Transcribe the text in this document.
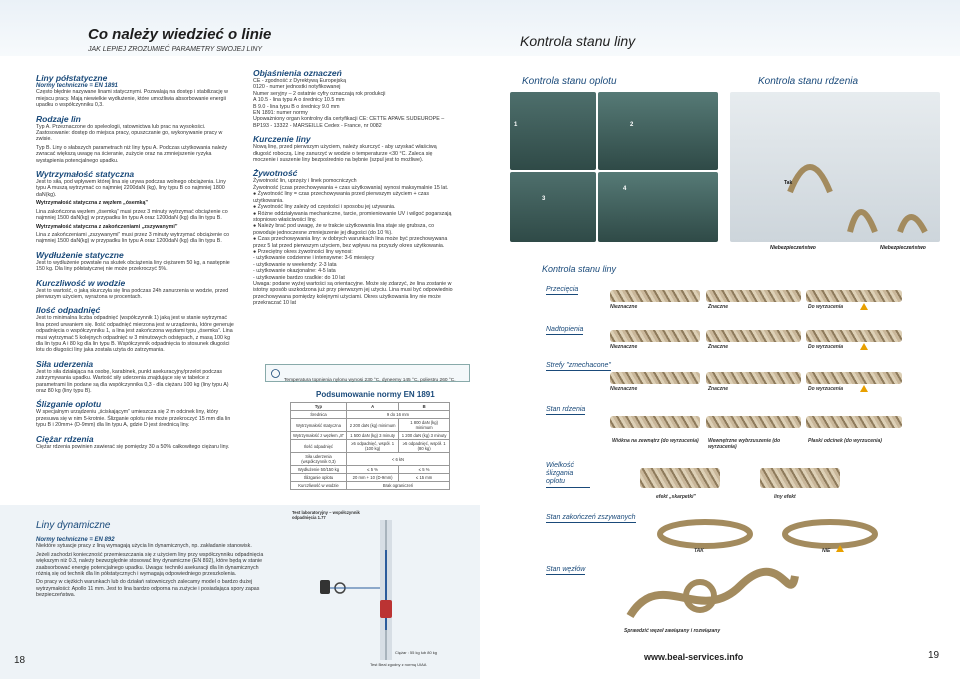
Co należy wiedzieć o linie
JAK LEPIEJ ZROZUMIEĆ PARAMETRY SWOJEJ LINY
Liny półstatyczne
Normy techniczne = EN 1891

Często błędnie nazywane linami statycznymi. Pozwalają na dostęp i stabilizację w miejscu pracy. Mają niewielkie wydłużenie, które umożliwia absorbowanie energii upadku o współczynniku 0,3.

Rodzaje lin

Typ A. Przeznaczone do speleologii, ratownictwa lub prac na wysokości. Zastosowanie: dostęp do miejsca pracy, opuszczanie go, wykonywanie pracy w zwisie.

Typ B. Liny o słabszych parametrach niż liny typu A. Podczas użytkowania należy zwracać większą uwagę na ścieranie, zużycie oraz na zmniejszenie ryzyka wystąpienia potencjalnego upadku.

Wytrzymałość statyczna

Jest to siła, pod wpływem której lina się urywa podczas wolnego obciążenia. Liny typu A muszą wytrzymać co najmniej 2200daN (kg), liny typu B co najmniej 1800 daN(kg).

Wytrzymałość statyczna z węzłem „ósemką”

Lina zakończona węzłem „ósemką” musi przez 3 minuty wytrzymać obciążenie co najmniej 1500 daN(kg) w przypadku lin typu A oraz 1200daN (kg) dla lin typu B.

Wytrzymałość statyczna z zakończeniami „zszywanymi”

Lina z zakończeniami „zszywanymi” musi przez 3 minuty wytrzymać obciążenie co najmniej 1500 daN(kg) w przypadku lin typu A oraz 1200daN (kg) dla lin typu B.

Wydłużenie statyczne

Jest to wydłużenie powstałe na skutek obciążenia liny ciężarem 50 kg, a następnie 150 kg. Dla liny półstatycznej nie może przekroczyć 5%.

Kurczliwość w wodzie

Jest to wartość, o jaką skurczyła się lina podczas 24h zanurzenia w wodzie, przed pierwszym użyciem, wyrażona w procentach.

Ilość odpadnięć

Jest to minimalna liczba odpadnięć (współczynnik 1) jaką jest w stanie wytrzymać lina przed urwaniem się. Ilość odpadnięć mierzona jest w urządzeniu, które generuje odpadnięcia o współczynniku 1, a lina jest zakończona węzłami typu „ósemka”. Lina musi wytrzymać 5 kolejnych odpadnięć w 3 minutowych odstępach, z masą 100 kg dla lin typu A i 80 kg dla lin typu B. Współczynnik odpadnięcia to stosunek długości lotu do długości liny jaka została użyta do zatrzymania.

Siła uderzenia

Jest to siła działająca na osobę, karabinek, punkt asekuracyjny/przelot podczas zatrzymywania upadku. Wartość siły uderzenia znajdujące się w tabelce z parametrami lin podane są dla współczynnika 0,3 - dla ciężaru 100 kg (liny typu A) oraz 80 kg (liny typu B).

Ślizganie oplotu

W specjalnym urządzeniu „ściskającym” umieszcza się 2 m odcinek liny, który przesuwa się w nim 5-krotnie. Ślizganie oplotu nie może przekroczyć 15 mm dla lin typu B i 20mm+ (D-9mm) dla lin typu A, gdzie D jest średnicą liny.

Ciężar rdzenia

Ciężar rdzenia powinien zawierać się pomiędzy 30 a 50% całkowitego ciężaru liny.

Objaśnienia oznaczeń

CE - zgodność z Dyrektywą Europejską
0120 - numer jednostki notyfikowanej
Numer seryjny – 2 ostatnie cyfry oznaczają rok produkcji
A 10.5 - lina typu A o średnicy 10.5 mm
B 9.0 - lina typu B o średnicy 9.0 mm
EN 1891: numer normy
Upoważniony organ kontrolny dla certyfikacji CE: CETTE APAVE SUDEUROPE – BP193 - 13322 - MARSEILLE Cedex - France, nr 0082

Kurczenie liny

Nową linę, przed pierwszym użyciem, należy skurczyć - aby uzyskać właściwą długość roboczą. Linę zanurzyć w wodzie o temperaturze <30 °C. Zaleca się moczenie i suszenie liny bezpośrednio na bębnie (szpul jest to możliwe).

Żywotność

Żywotność lin, uprzęży i linek pomocniczych
Żywotność (czas przechowywania + czas użytkowania) wynosi maksymalnie 15 lat.
● Żywotność liny = czas przechowywania przed pierwszym użyciem + czas użytkowania.
● Żywotność liny zależy od częstości i sposobu jej używania.
● Różne oddziaływania mechaniczne, tarcie, promieniowanie UV i wilgoć pogarszają stopniowo właściwości liny.
● Należy brać pod uwagę, że w trakcie użytkowania lina staje się grubsza, co powoduje jednoczesne zmniejszenie jej długości (do 10 %).
● Czas przechowywania liny: w dobrych warunkach lina może być przechowywana przez 5 lat przed pierwszym użyciem, bez wpływu na przyszły okres użytkowania.
● Przeciętny okres żywotności liny wynosi:
- użytkowanie codzienne i intensywne: 3-6 miesięcy
- użytkowanie w weekendy: 2-3 lata
- użytkowanie okazjonalne: 4-5 lata
- użytkowanie bardzo rzadkie: do 10 lat
Uwaga: podane wyżej wartości są orientacyjne. Może się zdarzyć, że lina zostanie w istotny sposób uszkodzona już przy pierwszym jej użyciu. Lina musi być odpowiednio przechowywana pomiędzy kolejnymi użyciami. Okres użytkowania liny nie może przekraczać 10 lat

Temperatura topnienia nylonu wynosi 230 °C, dyneemy 145 °C, poliestru 260 °C.
Podsumowanie normy EN 1891
Typ	A	B
Średnica	9 do 16 mm	
Wytrzymałość statyczna	2 200 daN (kg) minimum	1 800 daN (kg) minimum
Wytrzymałość z węzłem „8”	1 500 daN (kg) 3 minuty	1 200 daN (kg) 3 minuty
Ilość odpadnięć	≥5 odpadnięć, współ. 1 (100 kg)	≥5 odpadnięć, współ. 1 (80 kg)
Siła uderzenia (współczynnik 0,3)	< 6 kN	
Wydłużenie 50/150 kg	≤ 5 %	≤ 5 %
Ślizganie oplotu	20 mm + 10 (D-9mm)	≤ 15 mm
Kurczliwość w wodzie	Brak ograniczeń	
Liny dynamiczne
Normy techniczne = EN 892

Niektóre sytuacje pracy z liną wymagają użycia lin dynamicznych, np. zakładanie stanowisk.

Jeżeli zachodzi konieczność przemieszczania się z użyciem liny przy współczynniku odpadnięcia większym niż 0.3, należy bezwzględnie stosować liny dynamiczne (EN 892), które będą w stanie zaabsorbować energię potencjalnego upadku. Uwaga: techniki asekuracji dla lin dynamicznych różnią się od technik dla lin półstatycznych i wymagają odpowiedniego przeszkolenia.

Do pracy w ciężkich warunkach lub do działań ratowniczych zalecamy model o bardzo dużej wytrzymałości: Apollo 11 mm. Jest to lina bardzo odporna na zużycie i posiadająca spory zapas bezpieczeństwa.

Test laboratoryjny – współczynnik odpadnięcia 1.77
Ciężar : 55 kg lub 80 kg
Test Beal zgodny z normą UIAA
18
Kontrola stanu liny
Kontrola stanu oplotu	Kontrola stanu rdzenia
1	2
3
4
Tak
Niebezpieczeństwo	Niebezpieczeństwo
Kontrola stanu liny
Przecięcia
Nieznaczne	Znaczne	Do wyrzucenia
Nadtopienia
Nieznaczne	Znaczne	Do wyrzucenia
Strefy "zmechacone"
Nieznaczne	Znaczne	Do wyrzucenia
Stan rdzenia
Wiókna na zewnątrz (do wyrzucenia)	Wewnętrzne wybrzuszenie (do wyrzucenia)
Płaski odcinek (do wyrzucenia)
Wielkość ślizgania oplotu
efekt „skarpetki”	liny efekt
Stan zakończeń zszywanych
TAK	NIE
Stan węzłów
Sprawdzić węzeł zawiązany i rozwiązany
www.beal-services.info	19
